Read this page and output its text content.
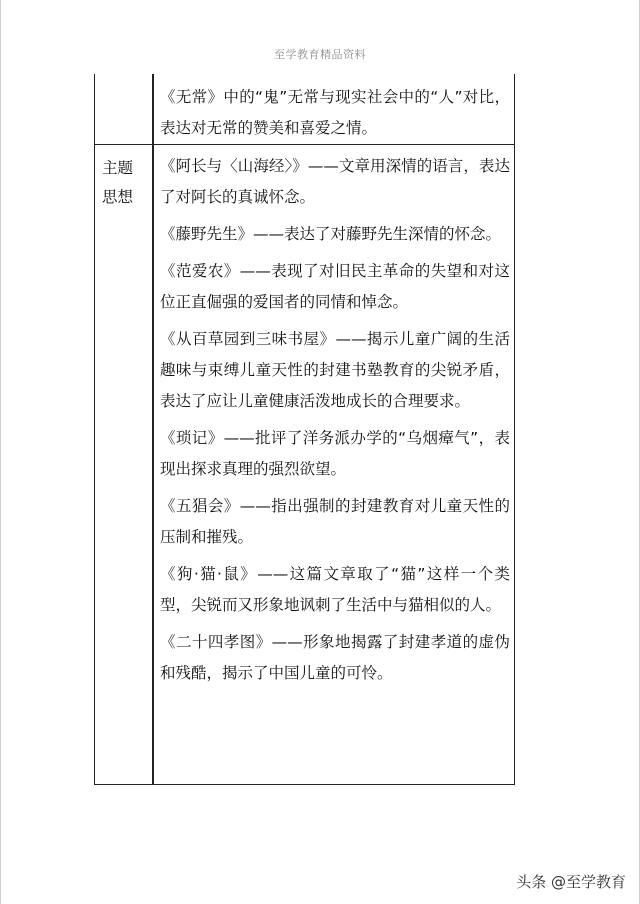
至学教育精品资料

《无常》中的“鬼”无常与现实社会中的“人”对比，表达对无常的赞美和喜爱之情。

主题
思想

《阿长与〈山海经〉》——文章用深情的语言，表达了对阿长的真诚怀念。

《藤野先生》——表达了对藤野先生深情的怀念。

《范爱农》——表现了对旧民主革命的失望和对这位正直倔强的爱国者的同情和悼念。

《从百草园到三味书屋》——揭示儿童广阔的生活趣味与束缚儿童天性的封建书塾教育的尖锐矛盾，表达了应让儿童健康活泼地成长的合理要求。

《琐记》——批评了洋务派办学的“乌烟瘴气”，表现出探求真理的强烈欲望。

《五猖会》——指出强制的封建教育对儿童天性的压制和摧残。

《狗·猫·鼠》——这篇文章取了“猫”这样一个类型，尖锐而又形象地讽刺了生活中与猫相似的人。

《二十四孝图》——形象地揭露了封建孝道的虚伪和残酷，揭示了中国儿童的可怜。

头条 @至学教育
